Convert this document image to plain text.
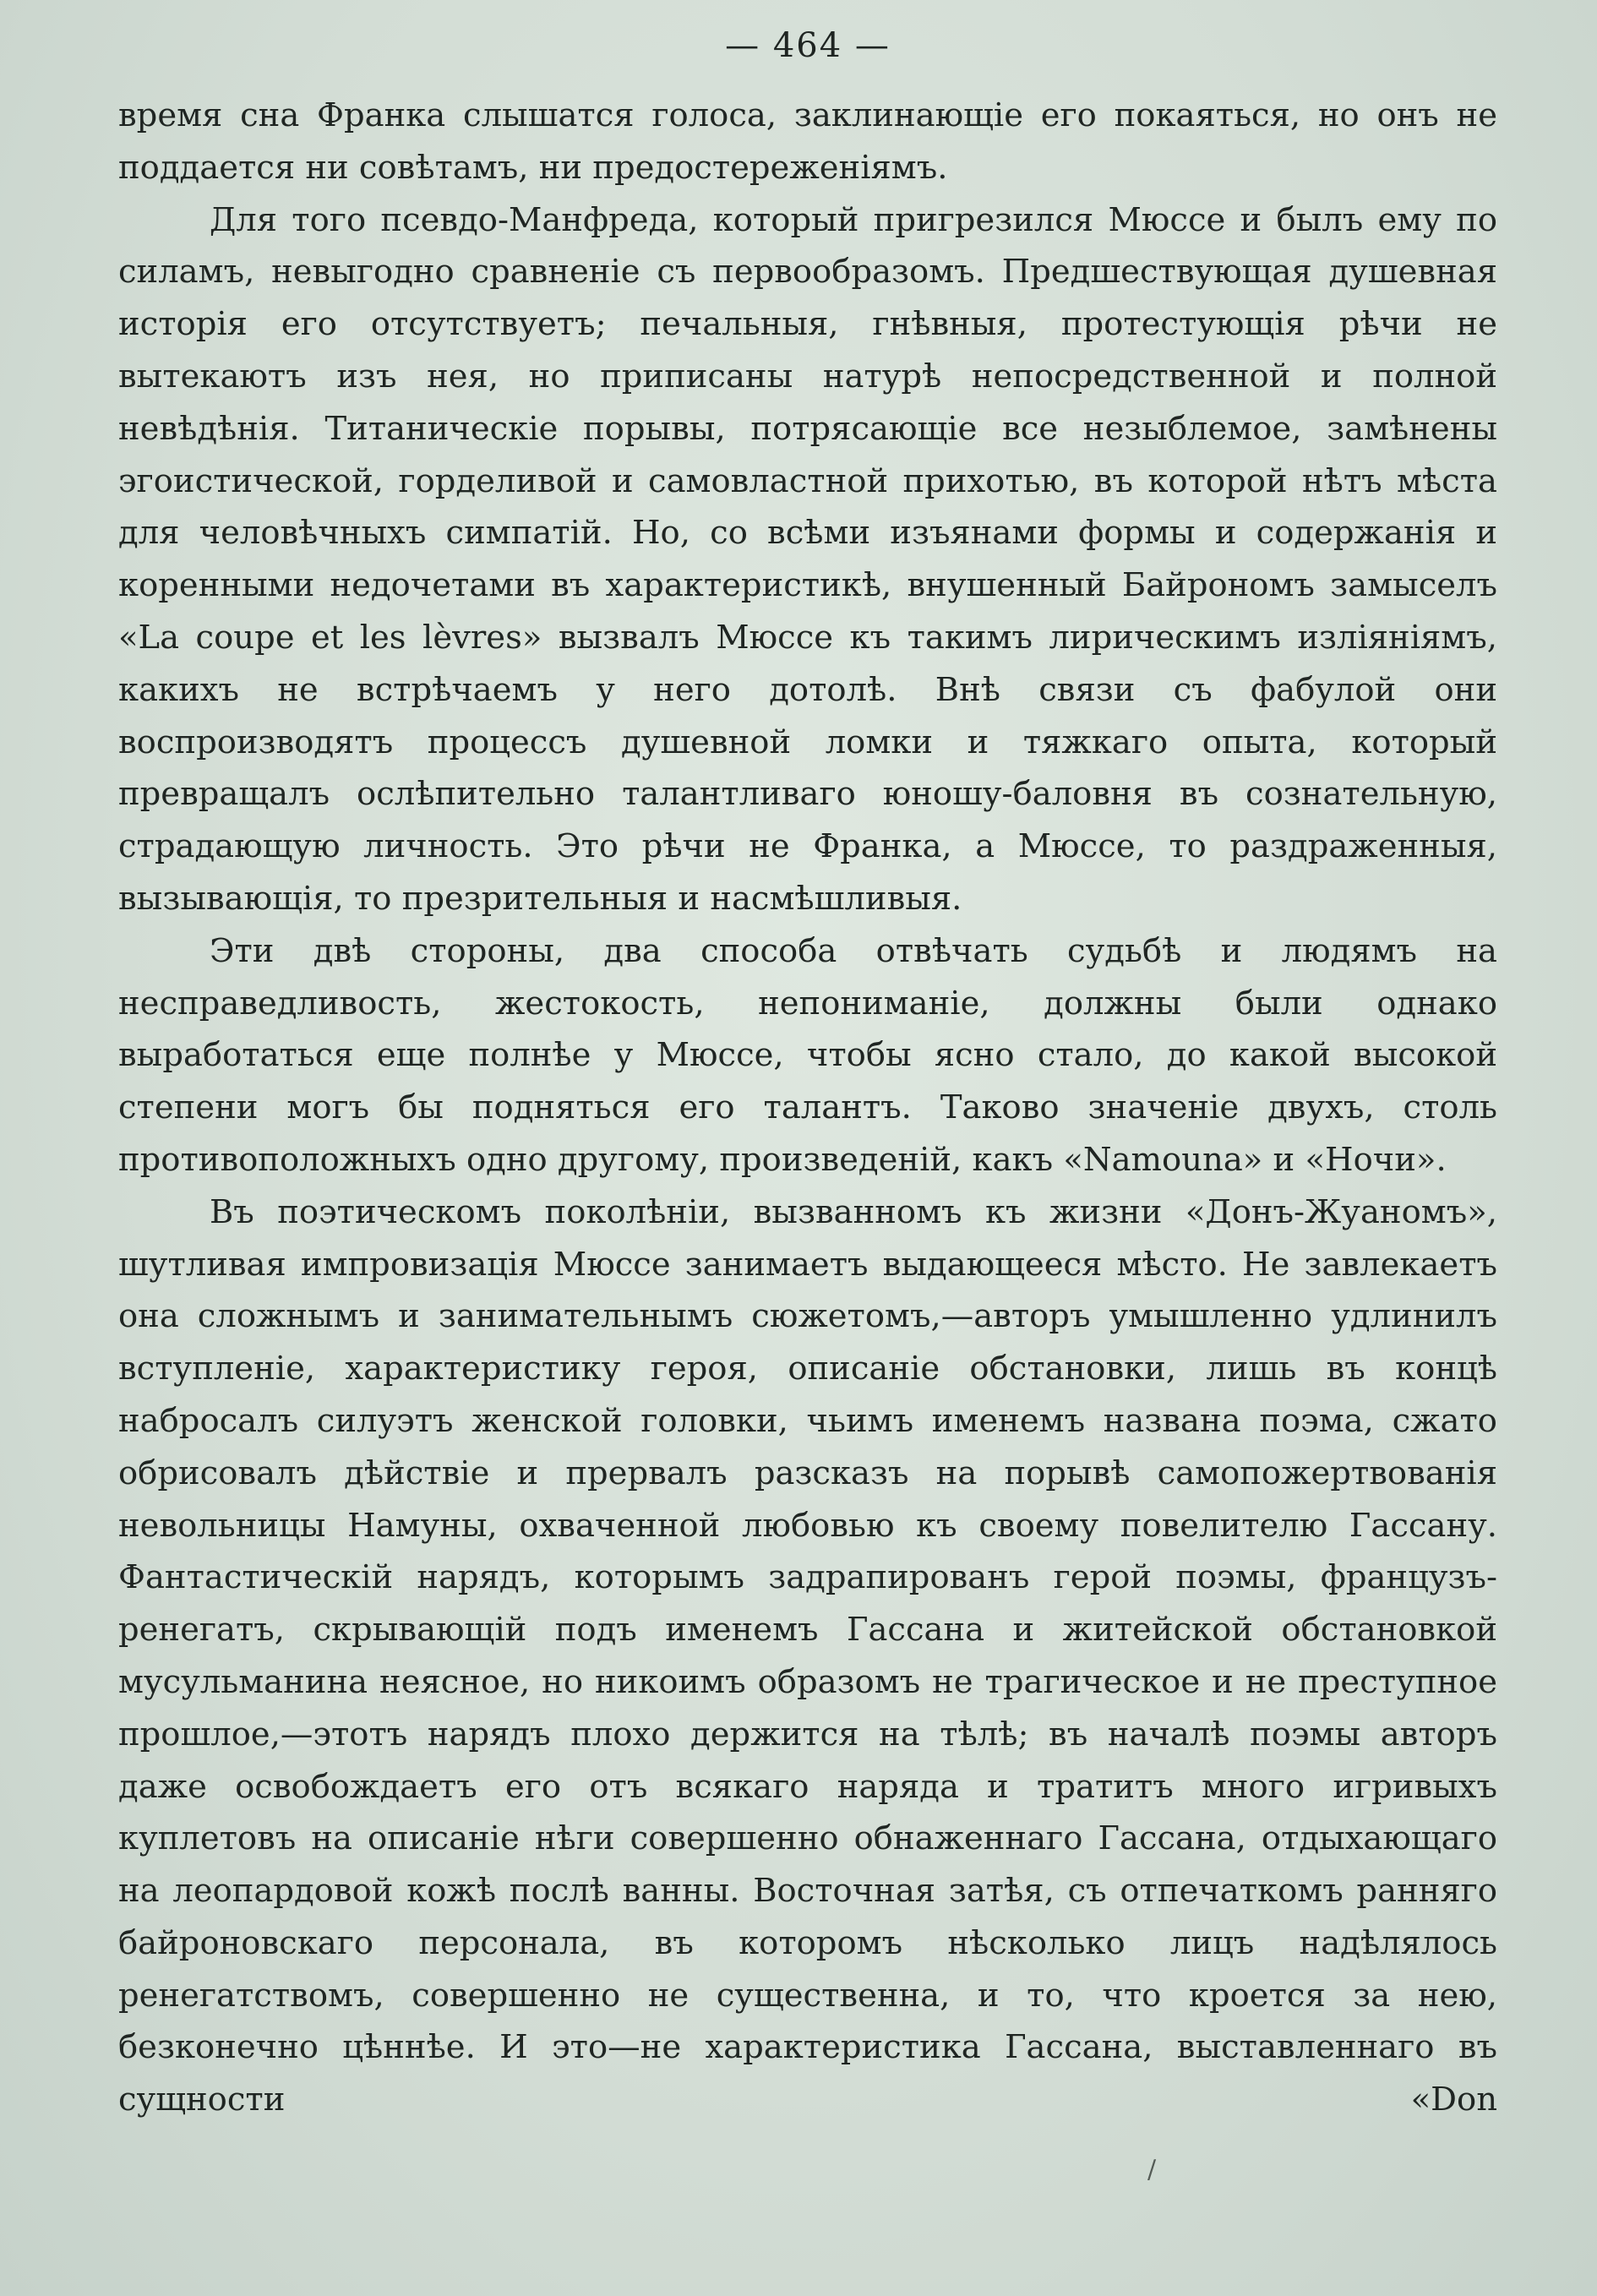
— 464 —

время сна Франка слышатся голоса, заклинающіе его покаяться, но онъ не поддается ни совѣтамъ, ни предостереженіямъ.

Для того псевдо-Манфреда, который пригрезился Мюссе и былъ ему по силамъ, невыгодно сравненіе съ первообразомъ. Предшествующая душевная исторія его отсутствуетъ; печальныя, гнѣвныя, протестующія рѣчи не вытекаютъ изъ нея, но приписаны натурѣ непосредственной и полной невѣдѣнія. Титаническіе порывы, потрясающіе все незыблемое, замѣнены эгоистической, горделивой и самовластной прихотью, въ которой нѣтъ мѣста для человѣчныхъ симпатій. Но, со всѣми изъянами формы и содержанія и коренными недочетами въ характеристикѣ, внушенный Байрономъ замыселъ «La coupe et les lèvres» вызвалъ Мюссе къ такимъ лирическимъ изліяніямъ, какихъ не встрѣчаемъ у него дотолѣ. Внѣ связи съ фабулой они воспроизводятъ процессъ душевной ломки и тяжкаго опыта, который превращалъ ослѣпительно талантливаго юношу-баловня въ сознательную, страдающую личность. Это рѣчи не Франка, а Мюссе, то раздраженныя, вызывающія, то презрительныя и насмѣшливыя.

Эти двѣ стороны, два способа отвѣчать судьбѣ и людямъ на несправедливость, жестокость, непониманіе, должны были однако выработаться еще полнѣе у Мюссе, чтобы ясно стало, до какой высокой степени могъ бы подняться его талантъ. Таково значеніе двухъ, столь противоположныхъ одно другому, произведеній, какъ «Namouna» и «Ночи».

Въ поэтическомъ поколѣніи, вызванномъ къ жизни «Донъ-Жуаномъ», шутливая импровизація Мюссе занимаетъ выдающееся мѣсто. Не завлекаетъ она сложнымъ и занимательнымъ сюжетомъ,—авторъ умышленно удлинилъ вступленіе, характеристику героя, описаніе обстановки, лишь въ концѣ набросалъ силуэтъ женской головки, чьимъ именемъ названа поэма, сжато обрисовалъ дѣйствіе и прервалъ разсказъ на порывѣ самопожертвованія невольницы Намуны, охваченной любовью къ своему повелителю Гассану. Фантастическій нарядъ, которымъ задрапированъ герой поэмы, французъ-ренегатъ, скрывающій подъ именемъ Гассана и житейской обстановкой мусульманина неясное, но никоимъ образомъ не трагическое и не преступное прошлое,—этотъ нарядъ плохо держится на тѣлѣ; въ началѣ поэмы авторъ даже освобождаетъ его отъ всякаго наряда и тратитъ много игривыхъ куплетовъ на описаніе нѣги совершенно обнаженнаго Гассана, отдыхающаго на леопардовой кожѣ послѣ ванны. Восточная затѣя, съ отпечаткомъ ранняго байроновскаго персонала, въ которомъ нѣсколько лицъ надѣлялось ренегатствомъ, совершенно не существенна, и то, что кроется за нею, безконечно цѣннѣе. И это—не характеристика Гассана, выставленнаго въ сущности «Don

/
